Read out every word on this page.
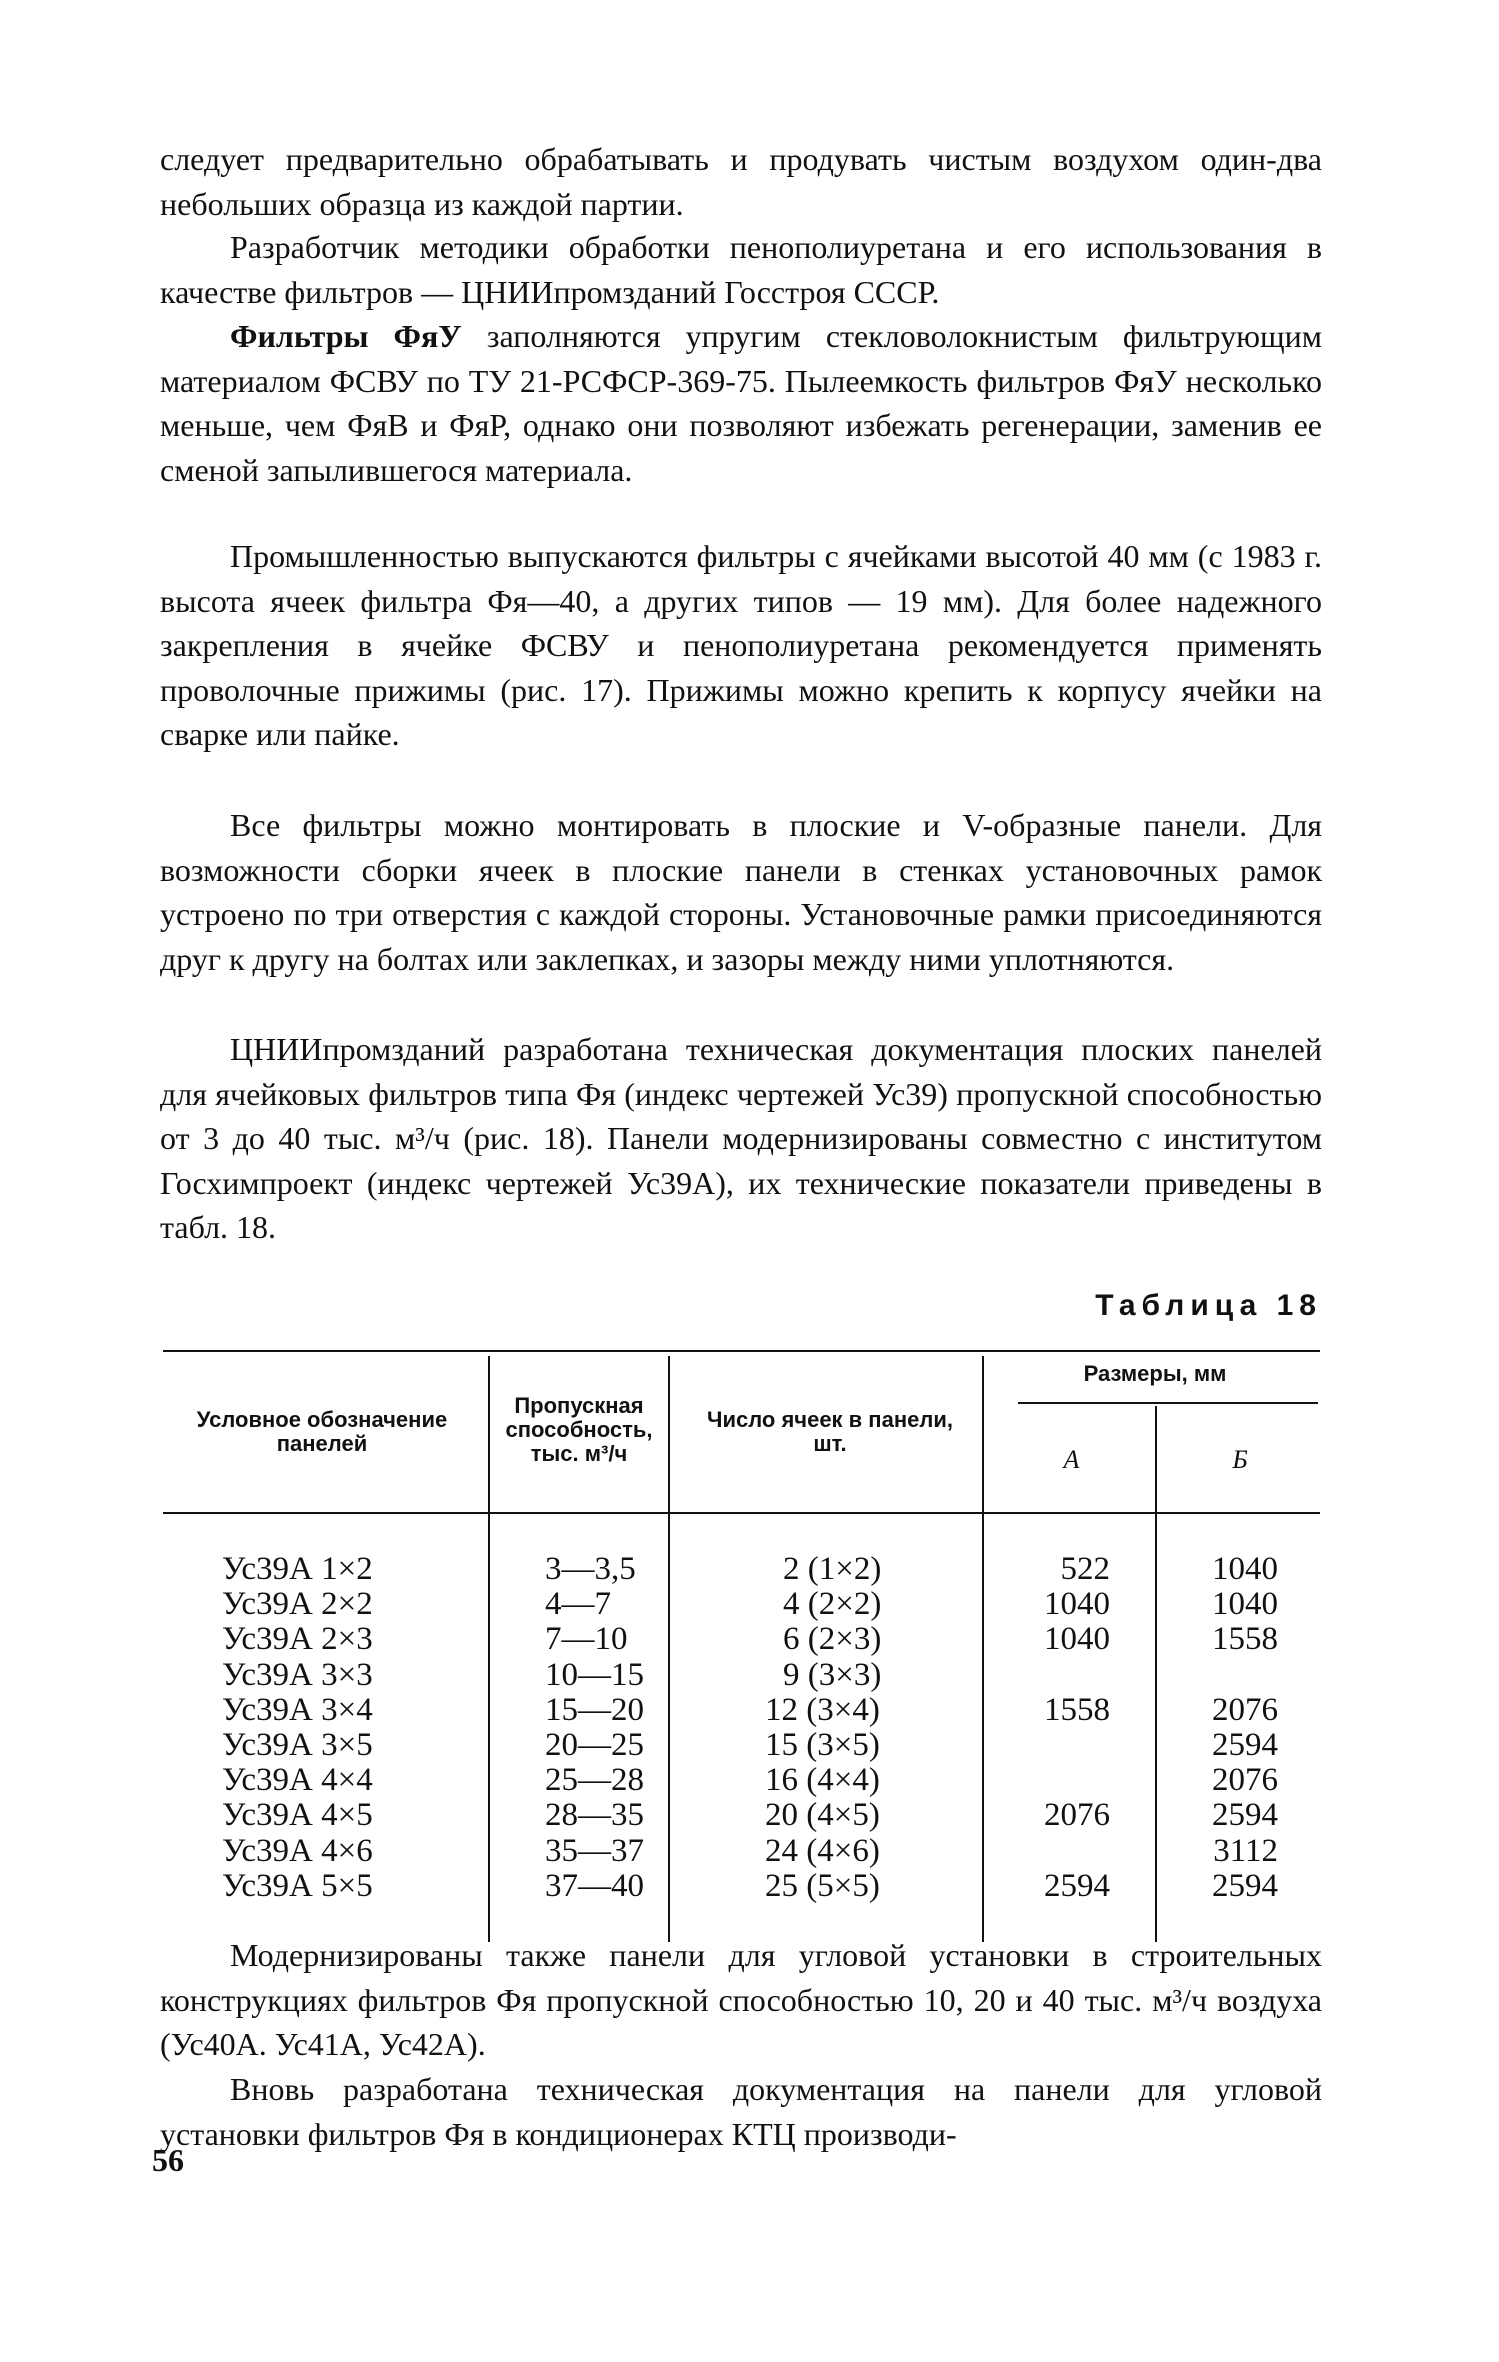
следует предварительно обрабатывать и продувать чистым воздухом один-два небольших образца из каждой партии.

Разработчик методики обработки пенополиуретана и его использования в качестве фильтров — ЦНИИпромзданий Госстроя СССР.

Фильтры ФяУ заполняются упругим стекловолокнистым фильтрующим материалом ФСВУ по ТУ 21-РСФСР-369-75. Пылеемкость фильтров ФяУ несколько меньше, чем ФяВ и ФяР, однако они позволяют избежать регенерации, заменив ее сменой запылившегося материала.

Промышленностью выпускаются фильтры с ячейками высотой 40 мм (с 1983 г. высота ячеек фильтра Фя—40, а других типов — 19 мм). Для более надежного закрепления в ячейке ФСВУ и пенополиуретана рекомендуется применять проволочные прижимы (рис. 17). Прижимы можно крепить к корпусу ячейки на сварке или пайке.

Все фильтры можно монтировать в плоские и V-образные панели. Для возможности сборки ячеек в плоские панели в стенках установочных рамок устроено по три отверстия с каждой стороны. Установочные рамки присоединяются друг к другу на болтах или заклепках, и зазоры между ними уплотняются.

ЦНИИпромзданий разработана техническая документация плоских панелей для ячейковых фильтров типа Фя (индекс чертежей Ус39) пропускной способностью от 3 до 40 тыс. м³/ч (рис. 18). Панели модернизированы совместно с институтом Госхимпроект (индекс чертежей Ус39А), их технические показатели приведены в табл. 18.

Таблица 18
Условное обозначение панелей
Пропускная способность, тыс. м³/ч
Число ячеек в панели, шт.
Размеры, мм
А	Б
Ус39А 1×2
Ус39А 2×2
Ус39А 2×3
Ус39А 3×3
Ус39А 3×4
Ус39А 3×5
Ус39А 4×4
Ус39А 4×5
Ус39А 4×6
Ус39А 5×5
3—3,5
4—7
7—10
10—15
15—20
20—25
25—28
28—35
35—37
37—40
2 (1×2)
4 (2×2)
6 (2×3)
9 (3×3)
12 (3×4)
15 (3×5)
16 (4×4)
20 (4×5)
24 (4×6)
25 (5×5)
522
1040
1040
1558
2076
2594
1040
1040
1558
2076
2594
2076
2594
3112
2594

Модернизированы также панели для угловой установки в строительных конструкциях фильтров Фя пропускной способностью 10, 20 и 40 тыс. м³/ч воздуха (Ус40А. Ус41А, Ус42А).

Вновь разработана техническая документация на панели для угловой установки фильтров Фя в кондиционерах КТЦ производи-

56
